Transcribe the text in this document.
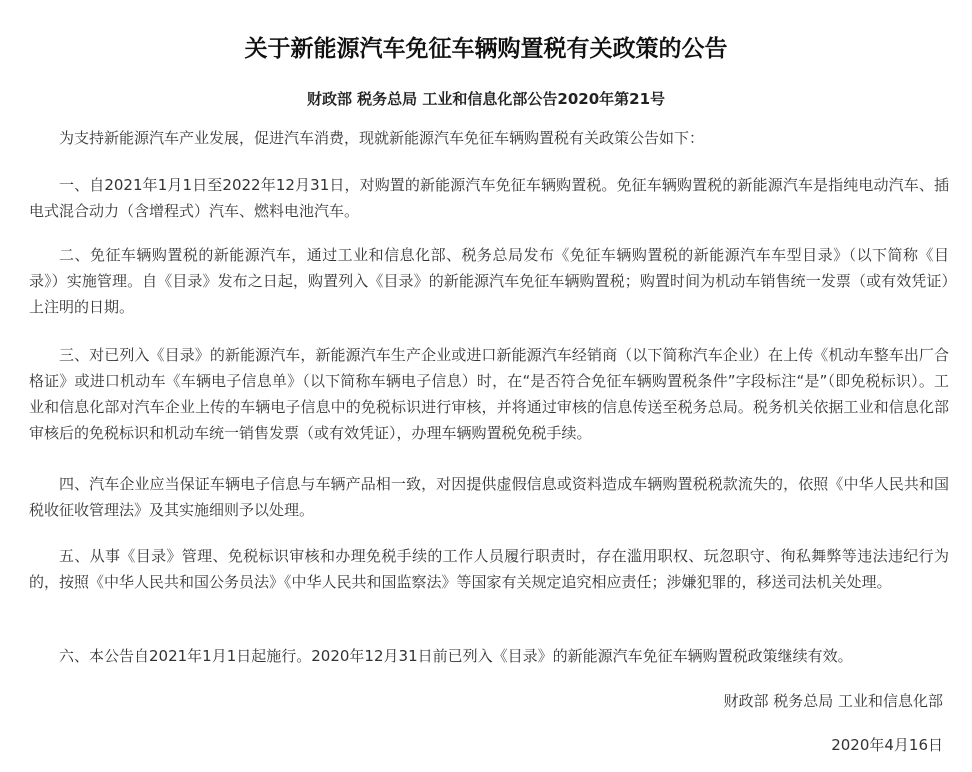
关于新能源汽车免征车辆购置税有关政策的公告

财政部 税务总局 工业和信息化部公告2020年第21号

为支持新能源汽车产业发展，促进汽车消费，现就新能源汽车免征车辆购置税有关政策公告如下：

一、自2021年1月1日至2022年12月31日，对购置的新能源汽车免征车辆购置税。免征车辆购置税的新能源汽车是指纯电动汽车、插电式混合动力（含增程式）汽车、燃料电池汽车。

二、免征车辆购置税的新能源汽车，通过工业和信息化部、税务总局发布《免征车辆购置税的新能源汽车车型目录》（以下简称《目录》）实施管理。自《目录》发布之日起，购置列入《目录》的新能源汽车免征车辆购置税；购置时间为机动车销售统一发票（或有效凭证）上注明的日期。

三、对已列入《目录》的新能源汽车，新能源汽车生产企业或进口新能源汽车经销商（以下简称汽车企业）在上传《机动车整车出厂合格证》或进口机动车《车辆电子信息单》（以下简称车辆电子信息）时，在“是否符合免征车辆购置税条件”字段标注“是”（即免税标识）。工业和信息化部对汽车企业上传的车辆电子信息中的免税标识进行审核，并将通过审核的信息传送至税务总局。税务机关依据工业和信息化部审核后的免税标识和机动车统一销售发票（或有效凭证），办理车辆购置税免税手续。

四、汽车企业应当保证车辆电子信息与车辆产品相一致，对因提供虚假信息或资料造成车辆购置税税款流失的，依照《中华人民共和国税收征收管理法》及其实施细则予以处理。

五、从事《目录》管理、免税标识审核和办理免税手续的工作人员履行职责时，存在滥用职权、玩忽职守、徇私舞弊等违法违纪行为的，按照《中华人民共和国公务员法》《中华人民共和国监察法》等国家有关规定追究相应责任；涉嫌犯罪的，移送司法机关处理。

六、本公告自2021年1月1日起施行。2020年12月31日前已列入《目录》的新能源汽车免征车辆购置税政策继续有效。

财政部 税务总局 工业和信息化部

2020年4月16日
